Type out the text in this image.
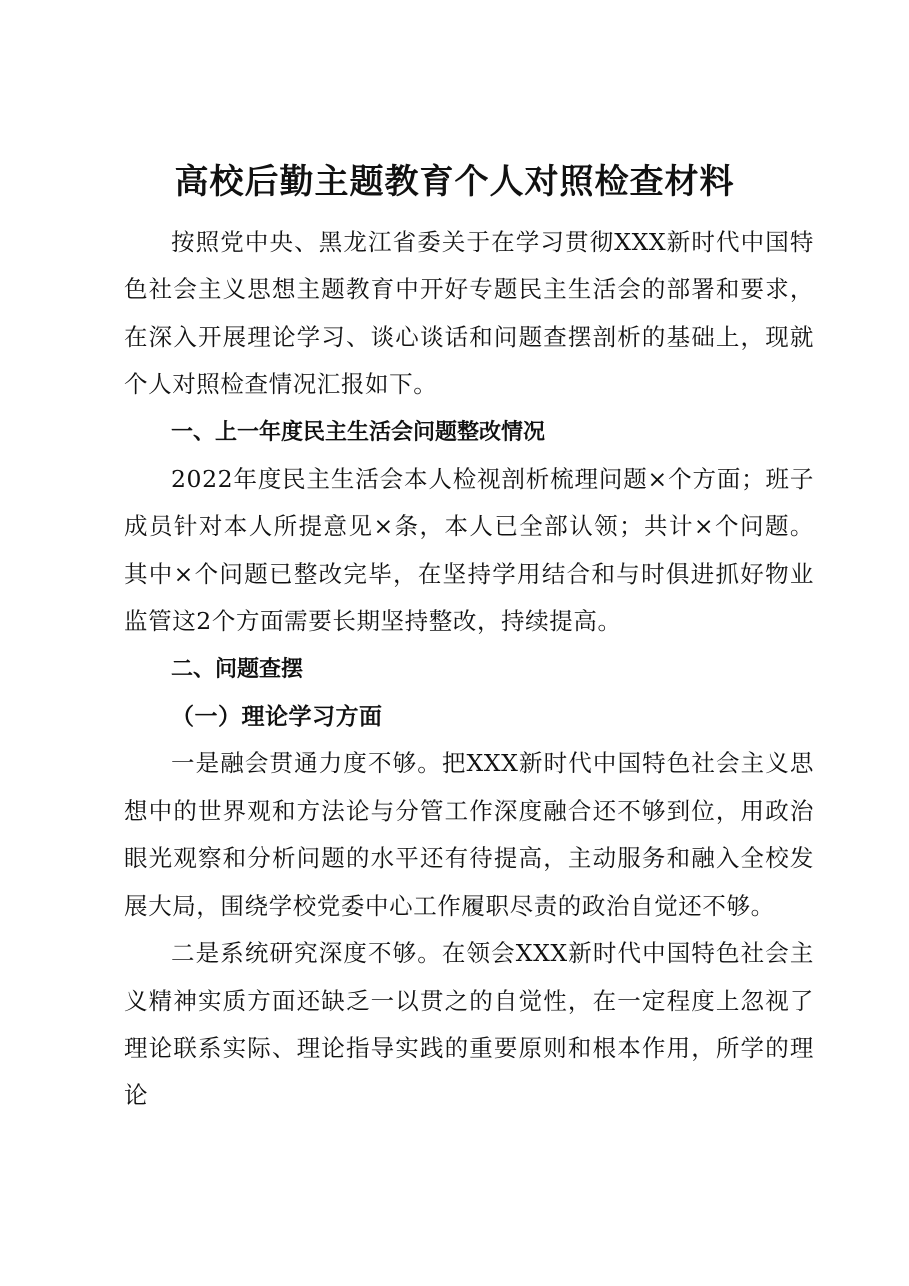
高校后勤主题教育个人对照检查材料

按照党中央、黑龙江省委关于在学习贯彻XXX新时代中国特色社会主义思想主题教育中开好专题民主生活会的部署和要求，在深入开展理论学习、谈心谈话和问题查摆剖析的基础上，现就个人对照检查情况汇报如下。

一、上一年度民主生活会问题整改情况

2022年度民主生活会本人检视剖析梳理问题×个方面；班子成员针对本人所提意见×条，本人已全部认领；共计×个问题。其中×个问题已整改完毕，在坚持学用结合和与时俱进抓好物业监管这2个方面需要长期坚持整改，持续提高。

二、问题查摆

（一）理论学习方面

一是融会贯通力度不够。把XXX新时代中国特色社会主义思想中的世界观和方法论与分管工作深度融合还不够到位，用政治眼光观察和分析问题的水平还有待提高，主动服务和融入全校发展大局，围绕学校党委中心工作履职尽责的政治自觉还不够。

二是系统研究深度不够。在领会XXX新时代中国特色社会主义精神实质方面还缺乏一以贯之的自觉性，在一定程度上忽视了理论联系实际、理论指导实践的重要原则和根本作用，所学的理论
